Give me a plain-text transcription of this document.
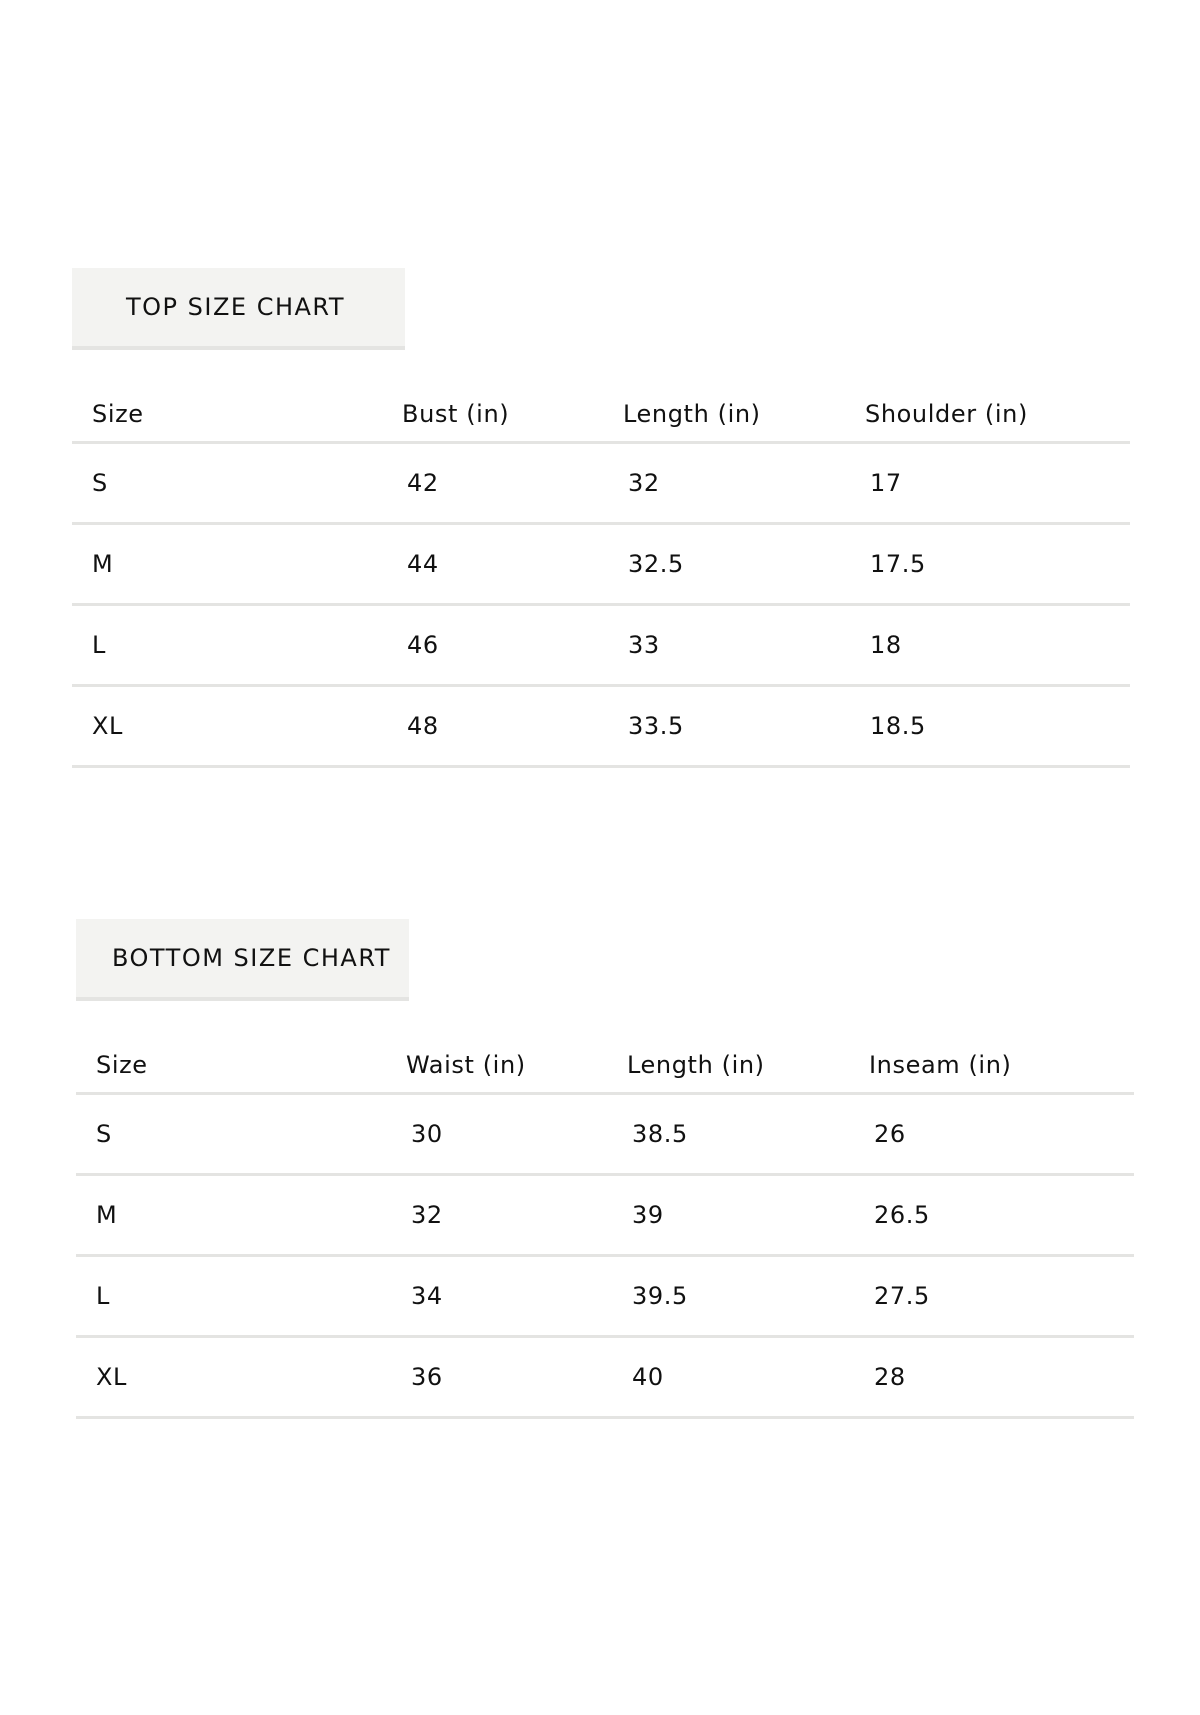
TOP SIZE CHART
Size	Bust (in)	Length (in)	Shoulder (in)
S	42	32	17
M	44	32.5	17.5
L	46	33	18
XL	48	33.5	18.5
BOTTOM SIZE CHART
Size	Waist (in)	Length (in)	Inseam (in)
S	30	38.5	26
M	32	39	26.5
L	34	39.5	27.5
XL	36	40	28
